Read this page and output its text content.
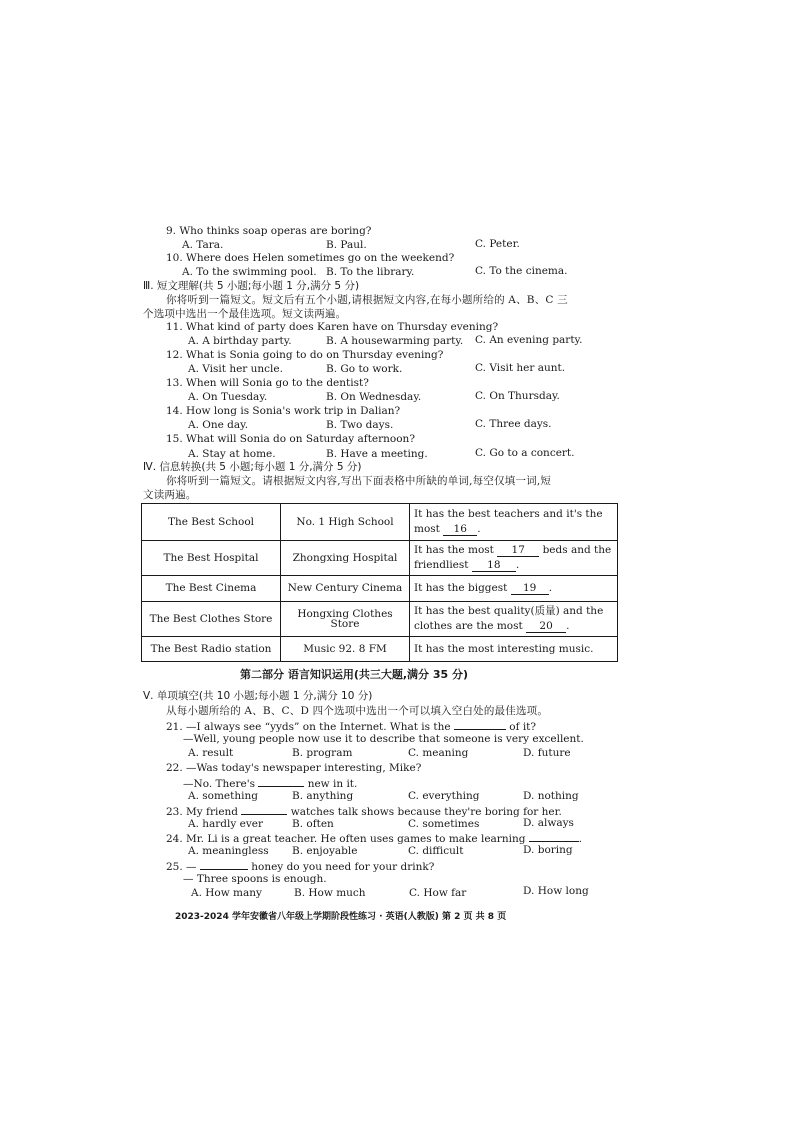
9. Who thinks soap operas are boring?
A. Tara.	B. Paul.	C. Peter.
10. Where does Helen sometimes go on the weekend?
A. To the swimming pool. B. To the library.	C. To the cinema.
Ⅲ. 短文理解(共 5 小题;每小题 1 分,满分 5 分)
你将听到一篇短文。短文后有五个小题,请根据短文内容,在每小题所给的 A、B、C 三
个选项中选出一个最佳选项。短文读两遍。
11. What kind of party does Karen have on Thursday evening?
A. A birthday party.	B. A housewarming party. C. An evening party.
12. What is Sonia going to do on Thursday evening?
A. Visit her uncle.	B. Go to work.	C. Visit her aunt.
13. When will Sonia go to the dentist?
A. On Tuesday.	B. On Wednesday.	C. On Thursday.
14. How long is Sonia's work trip in Dalian?
A. One day.	B. Two days.	C. Three days.
15. What will Sonia do on Saturday afternoon?
A. Stay at home.	B. Have a meeting.	C. Go to a concert.
Ⅳ. 信息转换(共 5 小题;每小题 1 分,满分 5 分)
你将听到一篇短文。请根据短文内容,写出下面表格中所缺的单词,每空仅填一词,短
文读两遍。
The Best School	No. 1 High School	It has the best teachers and it's the
most 16 .

The Best Hospital	Zhongxing Hospital	It has the most 17 beds and the
friendliest 18 .

The Best Cinema	New Century Cinema	It has the biggest 19 .

The Best Clothes Store	Hongxing Clothes Store	It has the best quality(质量) and the
clothes are the most 20 .

The Best Radio station	Music 92. 8 FM	It has the most interesting music.
第二部分 语言知识运用(共三大题,满分 35 分)
Ⅴ. 单项填空(共 10 小题;每小题 1 分,满分 10 分)
从每小题所给的 A、B、C、D 四个选项中选出一个可以填入空白处的最佳选项。
21. —I always see “yyds” on the Internet. What is the	of it?
—Well, young people now use it to describe that someone is very excellent.
A. result	B. program	C. meaning	D. future
22. —Was today's newspaper interesting, Mike?
—No. There's	new in it.
A. something	B. anything	C. everything	D. nothing
23. My friend	watches talk shows because they're boring for her.
A. hardly ever	B. often	C. sometimes	D. always
24. Mr. Li is a great teacher. He often uses games to make learning	.
A. meaningless B. enjoyable	C. difficult	D. boring
25. —	honey do you need for your drink?
— Three spoons is enough.
A. How many	B. How much	C. How far	D. How long
2023-2024 学年安徽省八年级上学期阶段性练习 · 英语(人教版) 第 2 页 共 8 页
